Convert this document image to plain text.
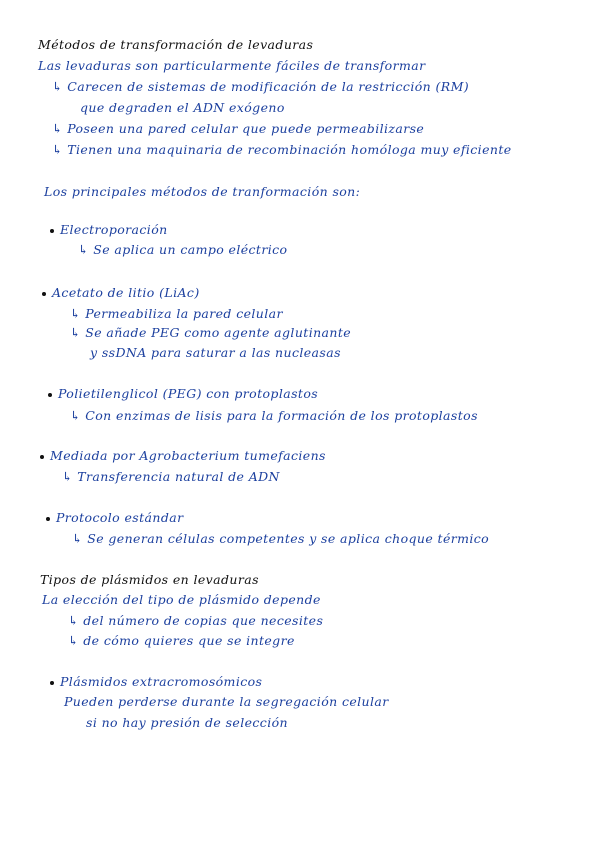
Métodos de transformación de levaduras
Las levaduras son particularmente fáciles de transformar
↳ Carecen de sistemas de modificación de la restricción (RM)
que degraden el ADN exógeno
↳ Poseen una pared celular que puede permeabilizarse
↳ Tienen una maquinaria de recombinación homóloga muy eficiente
Los principales métodos de tranformación son:
Electroporación
↳ Se aplica un campo eléctrico
Acetato de litio (LiAc)
↳ Permeabiliza la pared celular
↳ Se añade PEG como agente aglutinante
y ssDNA para saturar a las nucleasas
Polietilenglicol (PEG) con protoplastos
↳ Con enzimas de lisis para la formación de los protoplastos
Mediada por Agrobacterium tumefaciens
↳ Transferencia natural de ADN
Protocolo estándar
↳ Se generan células competentes y se aplica choque térmico
Tipos de plásmidos en levaduras
La elección del tipo de plásmido depende
↳ del número de copias que necesites
↳ de cómo quieres que se integre
Plásmidos extracromosómicos
Pueden perderse durante la segregación celular
si no hay presión de selección
